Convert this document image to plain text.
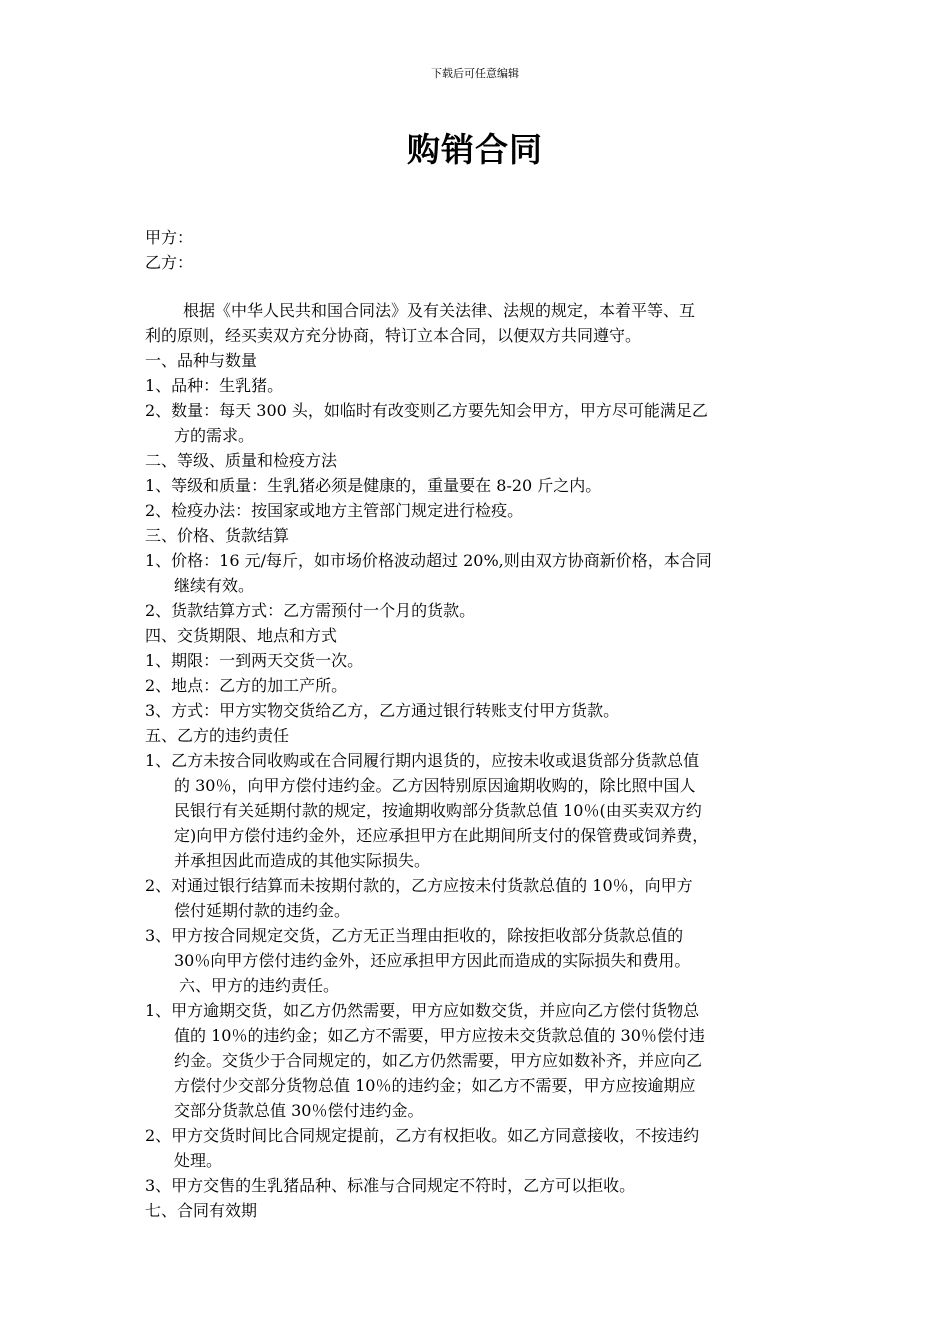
下载后可任意编辑
购销合同
甲方：
乙方：
根据《中华人民共和国合同法》及有关法律、法规的规定，本着平等、互
利的原则，经买卖双方充分协商，特订立本合同，以便双方共同遵守。
一、品种与数量
1、品种：生乳猪。
2、数量：每天 300 头，如临时有改变则乙方要先知会甲方，甲方尽可能满足乙
方的需求。
二、等级、质量和检疫方法
1、等级和质量：生乳猪必须是健康的，重量要在 8-20 斤之内。
2、检疫办法：按国家或地方主管部门规定进行检疫。
三、价格、货款结算
1、价格：16 元/每斤，如市场价格波动超过 20%,则由双方协商新价格，本合同
继续有效。
2、货款结算方式：乙方需预付一个月的货款。
四、交货期限、地点和方式
1、期限：一到两天交货一次。
2、地点：乙方的加工产所。
3、方式：甲方实物交货给乙方，乙方通过银行转账支付甲方货款。
五、乙方的违约责任
1、乙方未按合同收购或在合同履行期内退货的，应按未收或退货部分货款总值
的 30％，向甲方偿付违约金。乙方因特别原因逾期收购的，除比照中国人
民银行有关延期付款的规定，按逾期收购部分货款总值 10％(由买卖双方约
定)向甲方偿付违约金外，还应承担甲方在此期间所支付的保管费或饲养费，
并承担因此而造成的其他实际损失。
2、对通过银行结算而未按期付款的，乙方应按未付货款总值的 10％，向甲方
偿付延期付款的违约金。
3、甲方按合同规定交货，乙方无正当理由拒收的，除按拒收部分货款总值的
30％向甲方偿付违约金外，还应承担甲方因此而造成的实际损失和费用。
六、甲方的违约责任。
1、甲方逾期交货，如乙方仍然需要，甲方应如数交货，并应向乙方偿付货物总
值的 10％的违约金；如乙方不需要，甲方应按未交货款总值的 30％偿付违
约金。交货少于合同规定的，如乙方仍然需要，甲方应如数补齐，并应向乙
方偿付少交部分货物总值 10％的违约金；如乙方不需要，甲方应按逾期应
交部分货款总值 30％偿付违约金。
2、甲方交货时间比合同规定提前，乙方有权拒收。如乙方同意接收，不按违约
处理。
3、甲方交售的生乳猪品种、标准与合同规定不符时，乙方可以拒收。
七、合同有效期
